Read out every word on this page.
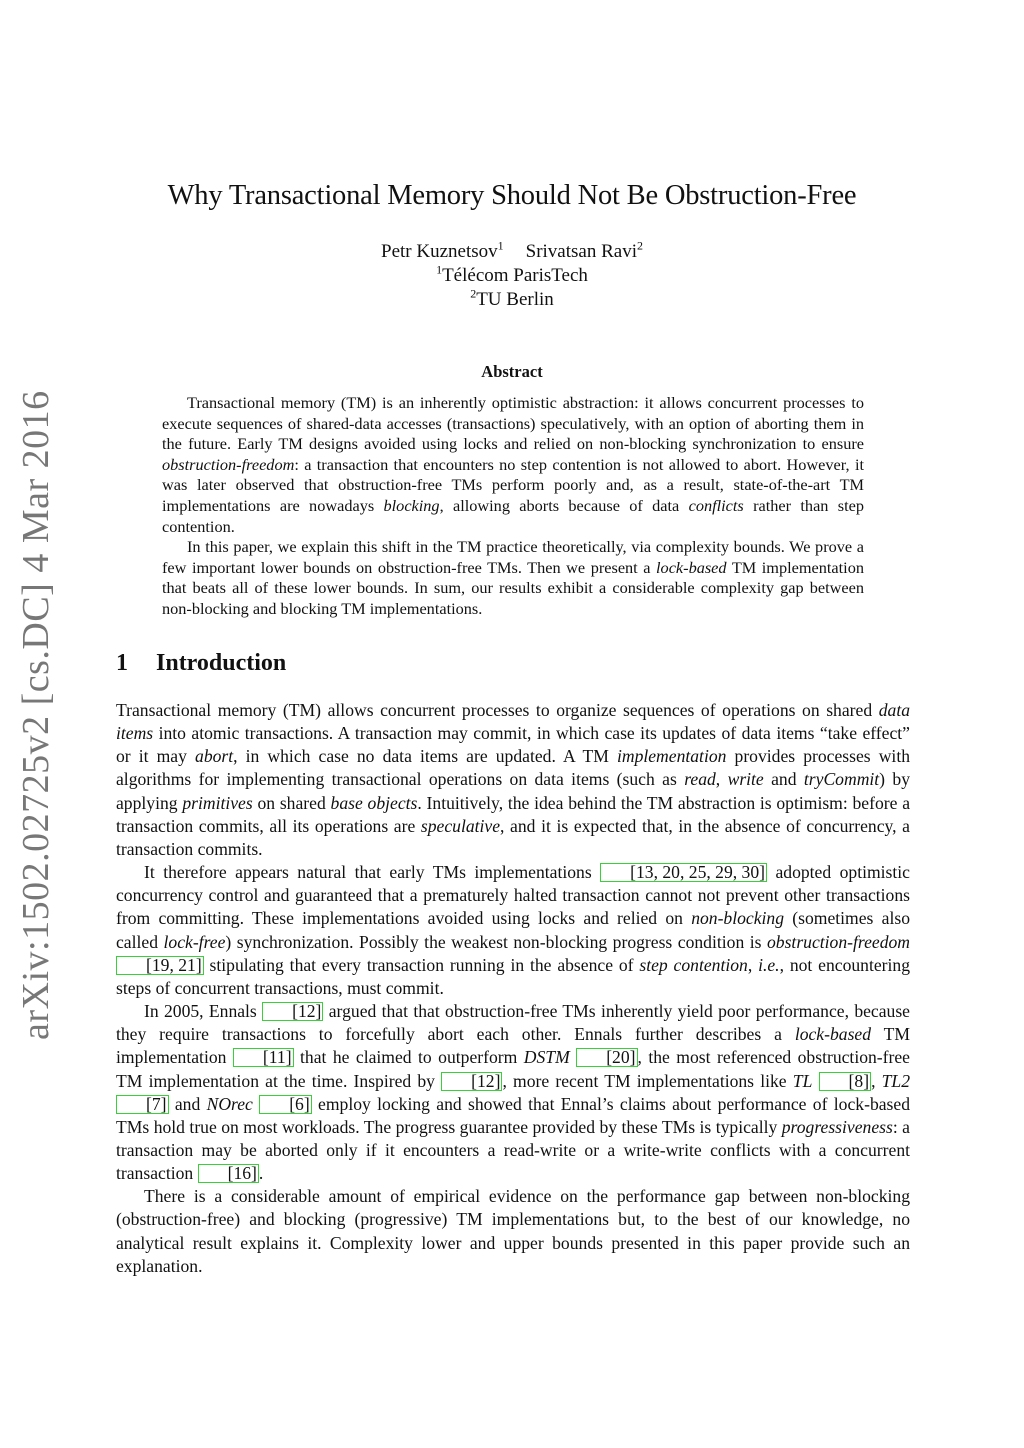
arXiv:1502.02725v2 [cs.DC] 4 Mar 2016
Why Transactional Memory Should Not Be Obstruction-Free
Petr Kuznetsov$^1$ Srivatsan Ravi$^2$
$^1$Télécom ParisTech
$^2$TU Berlin
Abstract

Transactional memory (TM) is an inherently optimistic abstraction: it allows concurrent processes to execute sequences of shared-data accesses (transactions) speculatively, with an option of aborting them in the future. Early TM designs avoided using locks and relied on non-blocking synchronization to ensure obstruction-freedom: a transaction that encounters no step contention is not allowed to abort. However, it was later observed that obstruction-free TMs perform poorly and, as a result, state-of-the-art TM implementations are nowadays blocking, allowing aborts because of data conflicts rather than step contention.

In this paper, we explain this shift in the TM practice theoretically, via complexity bounds. We prove a few important lower bounds on obstruction-free TMs. Then we present a lock-based TM implementation that beats all of these lower bounds. In sum, our results exhibit a considerable complexity gap between non-blocking and blocking TM implementations.

1 Introduction

Transactional memory (TM) allows concurrent processes to organize sequences of operations on shared data items into atomic transactions. A transaction may commit, in which case its updates of data items “take effect” or it may abort, in which case no data items are updated. A TM implementation provides processes with algorithms for implementing transactional operations on data items (such as read, write and tryCommit) by applying primitives on shared base objects. Intuitively, the idea behind the TM abstraction is optimism: before a transaction commits, all its operations are speculative, and it is expected that, in the absence of concurrency, a transaction commits.

It therefore appears natural that early TMs implementations [13, 20, 25, 29, 30] adopted optimistic concurrency control and guaranteed that a prematurely halted transaction cannot not prevent other transactions from committing. These implementations avoided using locks and relied on non-blocking (sometimes also called lock-free) synchronization. Possibly the weakest non-blocking progress condition is obstruction-freedom [19, 21] stipulating that every transaction running in the absence of step contention, i.e., not encountering steps of concurrent transactions, must commit.

In 2005, Ennals [12] argued that that obstruction-free TMs inherently yield poor performance, because they require transactions to forcefully abort each other. Ennals further describes a lock-based TM implementation [11] that he claimed to outperform DSTM [20] , the most referenced obstruction-free TM implementation at the time. Inspired by [12] , more recent TM implementations like TL [8] , TL2 [7] and NOrec [6] employ locking and showed that Ennal’s claims about performance of lock-based TMs hold true on most workloads. The progress guarantee provided by these TMs is typically progressiveness: a transaction may be aborted only if it encounters a read-write or a write-write conflicts with a concurrent transaction [16] .

There is a considerable amount of empirical evidence on the performance gap between non-blocking (obstruction-free) and blocking (progressive) TM implementations but, to the best of our knowledge, no analytical result explains it. Complexity lower and upper bounds presented in this paper provide such an explanation.
